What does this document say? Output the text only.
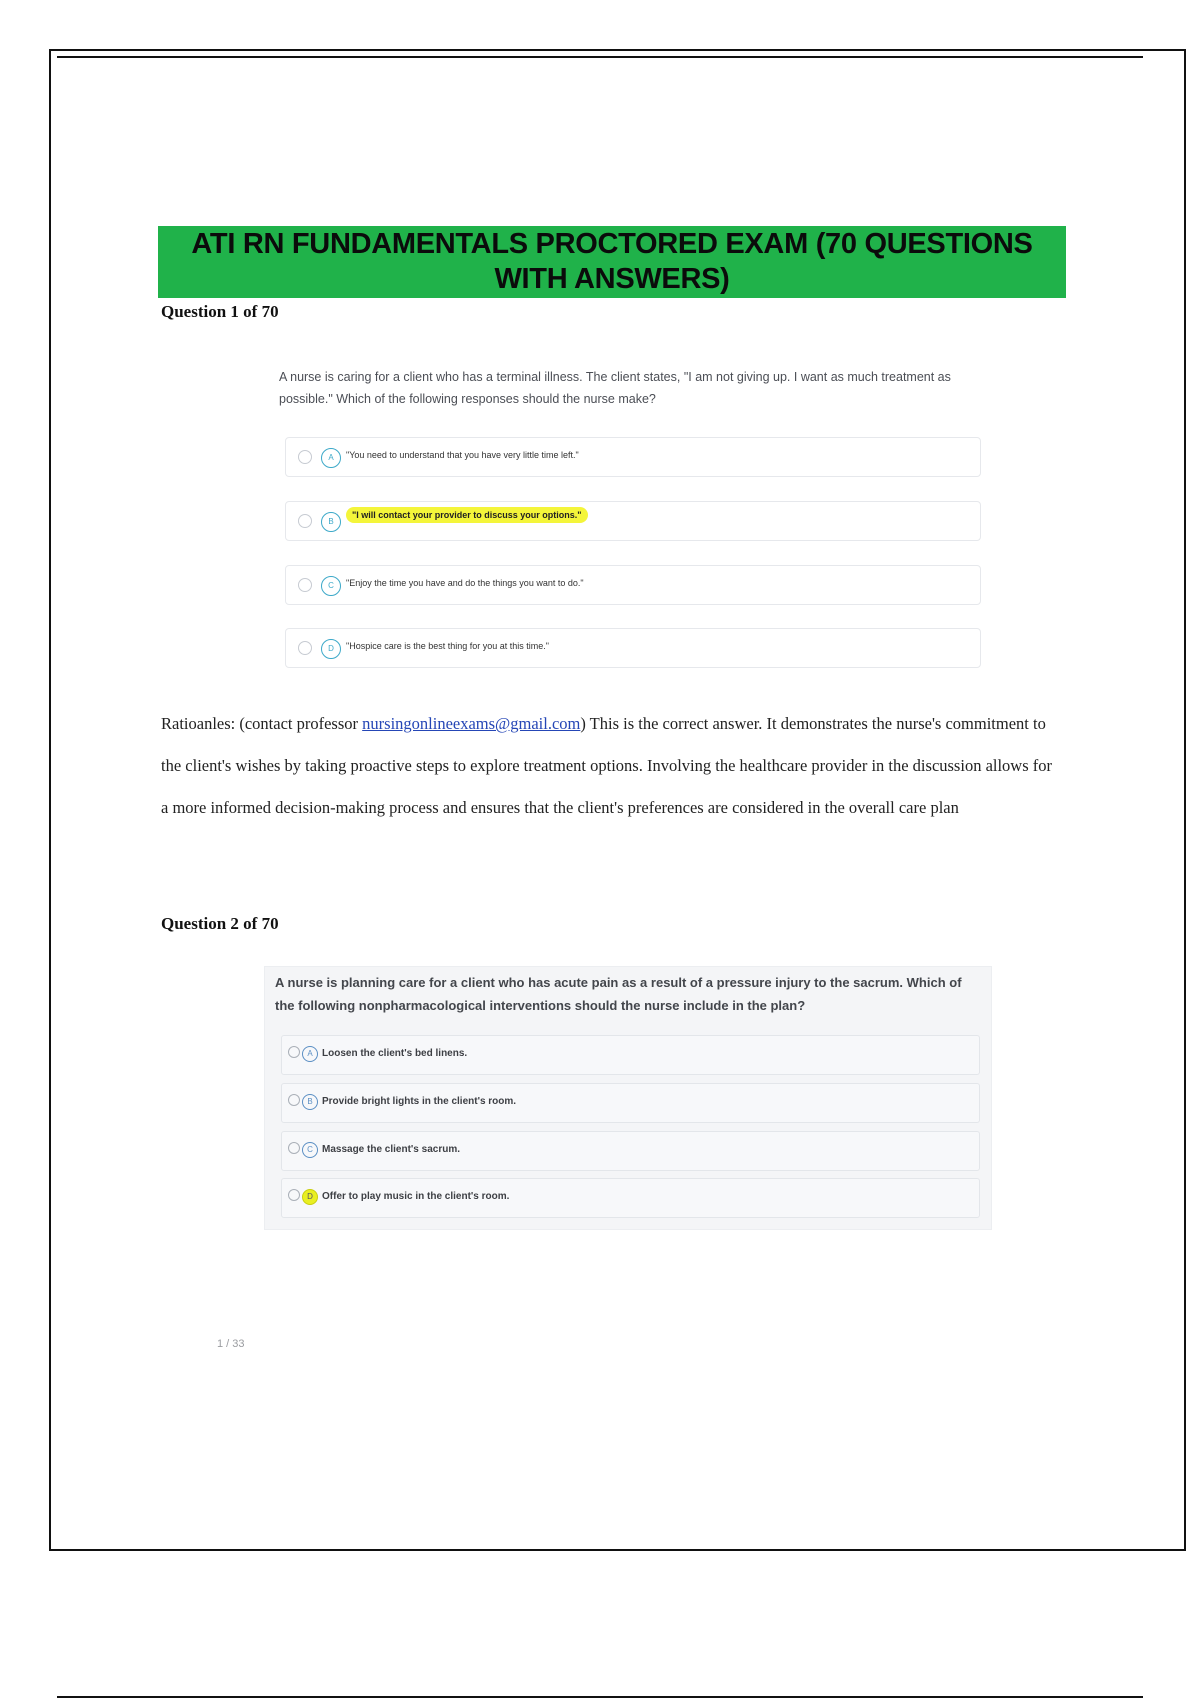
ATI RN FUNDAMENTALS PROCTORED EXAM (70 QUESTIONS WITH ANSWERS)
Question 1 of 70
A nurse is caring for a client who has a terminal illness. The client states, "I am not giving up. I want as much treatment as possible." Which of the following responses should the nurse make?
A	"You need to understand that you have very little time left."
B
"I will contact your provider to discuss your options."
C	"Enjoy the time you have and do the things you want to do."
D	"Hospice care is the best thing for you at this time."
Ratioanles: (contact professor nursingonlineexams@gmail.com) This is the correct answer. It demonstrates the nurse's commitment to the client's wishes by taking proactive steps to explore treatment options. Involving the healthcare provider in the discussion allows for a more informed decision-making process and ensures that the client's preferences are considered in the overall care plan
Question 2 of 70
A nurse is planning care for a client who has acute pain as a result of a pressure injury to the sacrum. Which of the following nonpharmacological interventions should the nurse include in the plan?
A Loosen the client's bed linens.
B Provide bright lights in the client's room.
C Massage the client's sacrum.
D Offer to play music in the client's room.
1 / 33
